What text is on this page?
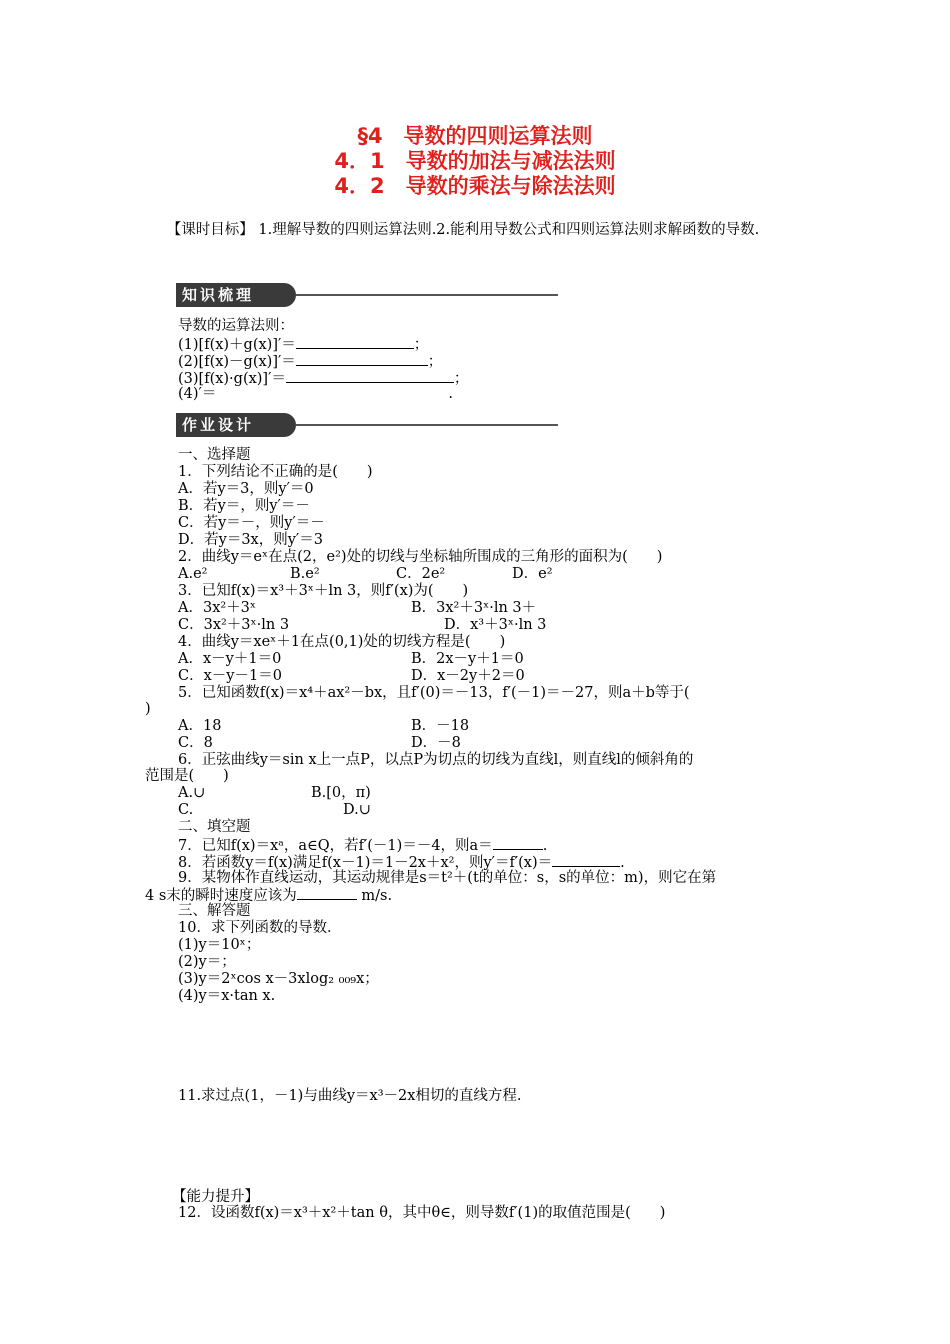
§4　导数的四则运算法则
4．1　导数的加法与减法法则
4．2　导数的乘法与除法法则
　　【课时目标】 1.理解导数的四则运算法则.2.能利用导数公式和四则运算法则求解函数的导数.
知识梳理
导数的运算法则：
(1)[f(x)＋g(x)]′＝	；
(2)[f(x)－g(x)]′＝	；
(3)[f(x)·g(x)]′＝	；
(4)′＝	.
作业设计
一、选择题
1．下列结论不正确的是(　　)
A．若y＝3，则y′＝0
B．若y＝，则y′＝－
C．若y＝－，则y′＝－
D．若y＝3x，则y′＝3
2．曲线y＝eˣ在点(2，e²)处的切线与坐标轴所围成的三角形的面积为(　　)
A.e²	B.e²	C．2e²	D．e²
3．已知f(x)＝x³＋3ˣ＋ln 3，则f′(x)为(　　)
A．3x²＋3ˣ	B．3x²＋3ˣ·ln 3＋
C．3x²＋3ˣ·ln 3	D．x³＋3ˣ·ln 3
4．曲线y＝xeˣ＋1在点(0,1)处的切线方程是(　　)
A．x－y＋1＝0	B．2x－y＋1＝0
C．x－y－1＝0	D．x－2y＋2＝0
5．已知函数f(x)＝x⁴＋ax²－bx，且f′(0)＝－13，f′(－1)＝－27，则a＋b等于(
)
A．18	B．－18
C．8	D．－8
6．正弦曲线y＝sin x上一点P，以点P为切点的切线为直线l，则直线l的倾斜角的
范围是(　　)
A.∪	B.[0，π)
C.	D.∪
二、填空题
7．已知f(x)＝xᵃ，a∈Q，若f′(－1)＝－4，则a＝	.
8．若函数y＝f(x)满足f(x－1)＝1－2x＋x²，则y′＝f′(x)＝	.
9．某物体作直线运动，其运动规律是s＝t²＋(t的单位：s，s的单位：m)，则它在第
4 s末的瞬时速度应该为	m/s.
三、解答题
10．求下列函数的导数．
(1)y＝10ˣ；
(2)y＝；
(3)y＝2ˣcos x－3xlog₂ ₀₀₉x；
(4)y＝x·tan x.
11.求过点(1，－1)与曲线y＝x³－2x相切的直线方程.
【能力提升】
12．设函数f(x)＝x³＋x²＋tan θ，其中θ∈，则导数f′(1)的取值范围是(　　)
